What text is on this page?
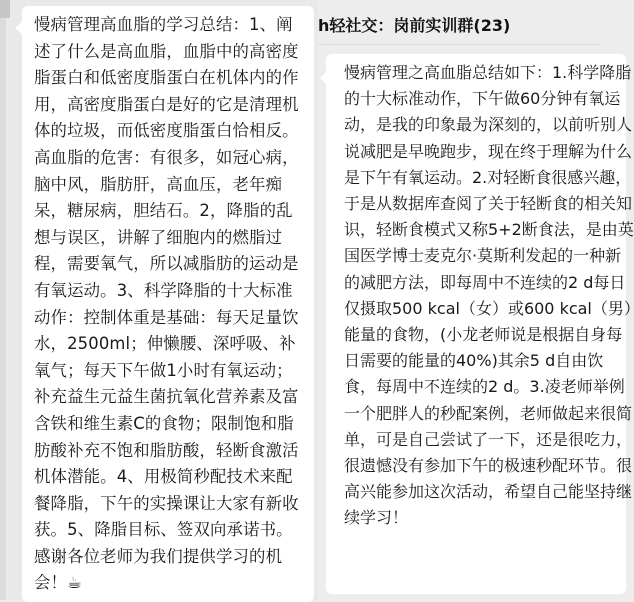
h轻社交：岗前实训群(23)

慢病管理之高血脂总结如下：1.科学降脂的十大标准动作，下午做60分钟有氧运动，是我的印象最为深刻的，以前听别人说减肥是早晚跑步，现在终于理解为什么是下午有氧运动。2.对轻断食很感兴趣，于是从数据库查阅了关于轻断食的相关知识，轻断食模式又称5+2断食法，是由英国医学博士麦克尔·莫斯利发起的一种新的减肥方法，即每周中不连续的2 d每日仅摄取500 kcal（女）或600 kcal（男）能量的食物，(小龙老师说是根据自身每日需要的能量的40%)其余5 d自由饮食，每周中不连续的2 d。3.凌老师举例一个肥胖人的秒配案例，老师做起来很简单，可是自己尝试了一下，还是很吃力，很遗憾没有参加下午的极速秒配环节。很高兴能参加这次活动，希望自己能坚持继续学习！

慢病管理高血脂的学习总结：1、阐述了什么是高血脂，血脂中的高密度脂蛋白和低密度脂蛋白在机体内的作用，高密度脂蛋白是好的它是清理机体的垃圾，而低密度脂蛋白恰相反。高血脂的危害：有很多，如冠心病，脑中风，脂肪肝，高血压，老年痴呆，糖尿病，胆结石。2，降脂的乱想与误区，讲解了细胞内的燃脂过程，需要氧气，所以减脂肪的运动是有氧运动。3、科学降脂的十大标准动作：控制体重是基础：每天足量饮水，2500ml；伸懒腰、深呼吸、补氧气；每天下午做1小时有氧运动；补充益生元益生菌抗氧化营养素及富含铁和维生素C的食物；限制饱和脂肪酸补充不饱和脂肪酸，轻断食激活机体潜能。4、用极简秒配技术来配餐降脂，下午的实操课让大家有新收获。5、降脂目标、签双向承诺书。感谢各位老师为我们提供学习的机会！☕
